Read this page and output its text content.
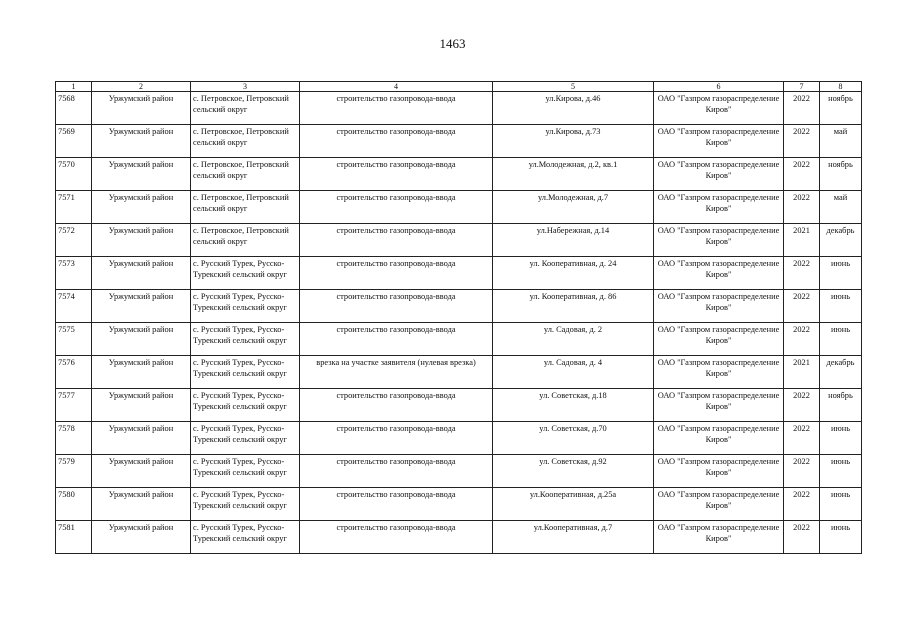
1463
1	2	3	4	5	6	7	8
7568	Уржумский район	с. Петровское, Петровский сельский округ	строительство газопровода-ввода	ул.Кирова, д.46	ОАО "Газпром газораспределение Киров"	2022	ноябрь
7569	Уржумский район	с. Петровское, Петровский сельский округ	строительство газопровода-ввода	ул.Кирова, д.73	ОАО "Газпром газораспределение Киров"	2022	май
7570	Уржумский район	с. Петровское, Петровский сельский округ	строительство газопровода-ввода	ул.Молодежная, д.2, кв.1	ОАО "Газпром газораспределение Киров"	2022	ноябрь
7571	Уржумский район	с. Петровское, Петровский сельский округ	строительство газопровода-ввода	ул.Молодежная, д.7	ОАО "Газпром газораспределение Киров"	2022	май
7572	Уржумский район	с. Петровское, Петровский сельский округ	строительство газопровода-ввода	ул.Набережная, д.14	ОАО "Газпром газораспределение Киров"	2021	декабрь
7573	Уржумский район	с. Русский Турек, Русско-Турекский сельский округ	строительство газопровода-ввода	ул. Кооперативная, д. 24	ОАО "Газпром газораспределение Киров"	2022	июнь
7574	Уржумский район	с. Русский Турек, Русско-Турекский сельский округ	строительство газопровода-ввода	ул. Кооперативная, д. 86	ОАО "Газпром газораспределение Киров"	2022	июнь
7575	Уржумский район	с. Русский Турек, Русско-Турекский сельский округ	строительство газопровода-ввода	ул. Садовая, д. 2	ОАО "Газпром газораспределение Киров"	2022	июнь
7576	Уржумский район	с. Русский Турек, Русско-Турекский сельский округ	врезка на участке заявителя (нулевая врезка)	ул. Садовая, д. 4	ОАО "Газпром газораспределение Киров"	2021	декабрь
7577	Уржумский район	с. Русский Турек, Русско-Турекский сельский округ	строительство газопровода-ввода	ул. Советская, д.18	ОАО "Газпром газораспределение Киров"	2022	ноябрь
7578	Уржумский район	с. Русский Турек, Русско-Турекский сельский округ	строительство газопровода-ввода	ул. Советская, д.70	ОАО "Газпром газораспределение Киров"	2022	июнь
7579	Уржумский район	с. Русский Турек, Русско-Турекский сельский округ	строительство газопровода-ввода	ул. Советская, д.92	ОАО "Газпром газораспределение Киров"	2022	июнь
7580	Уржумский район	с. Русский Турек, Русско-Турекский сельский округ	строительство газопровода-ввода	ул.Кооперативная, д.25а	ОАО "Газпром газораспределение Киров"	2022	июнь
7581	Уржумский район	с. Русский Турек, Русско-Турекский сельский округ	строительство газопровода-ввода	ул.Кооперативная, д.7	ОАО "Газпром газораспределение Киров"	2022	июнь
